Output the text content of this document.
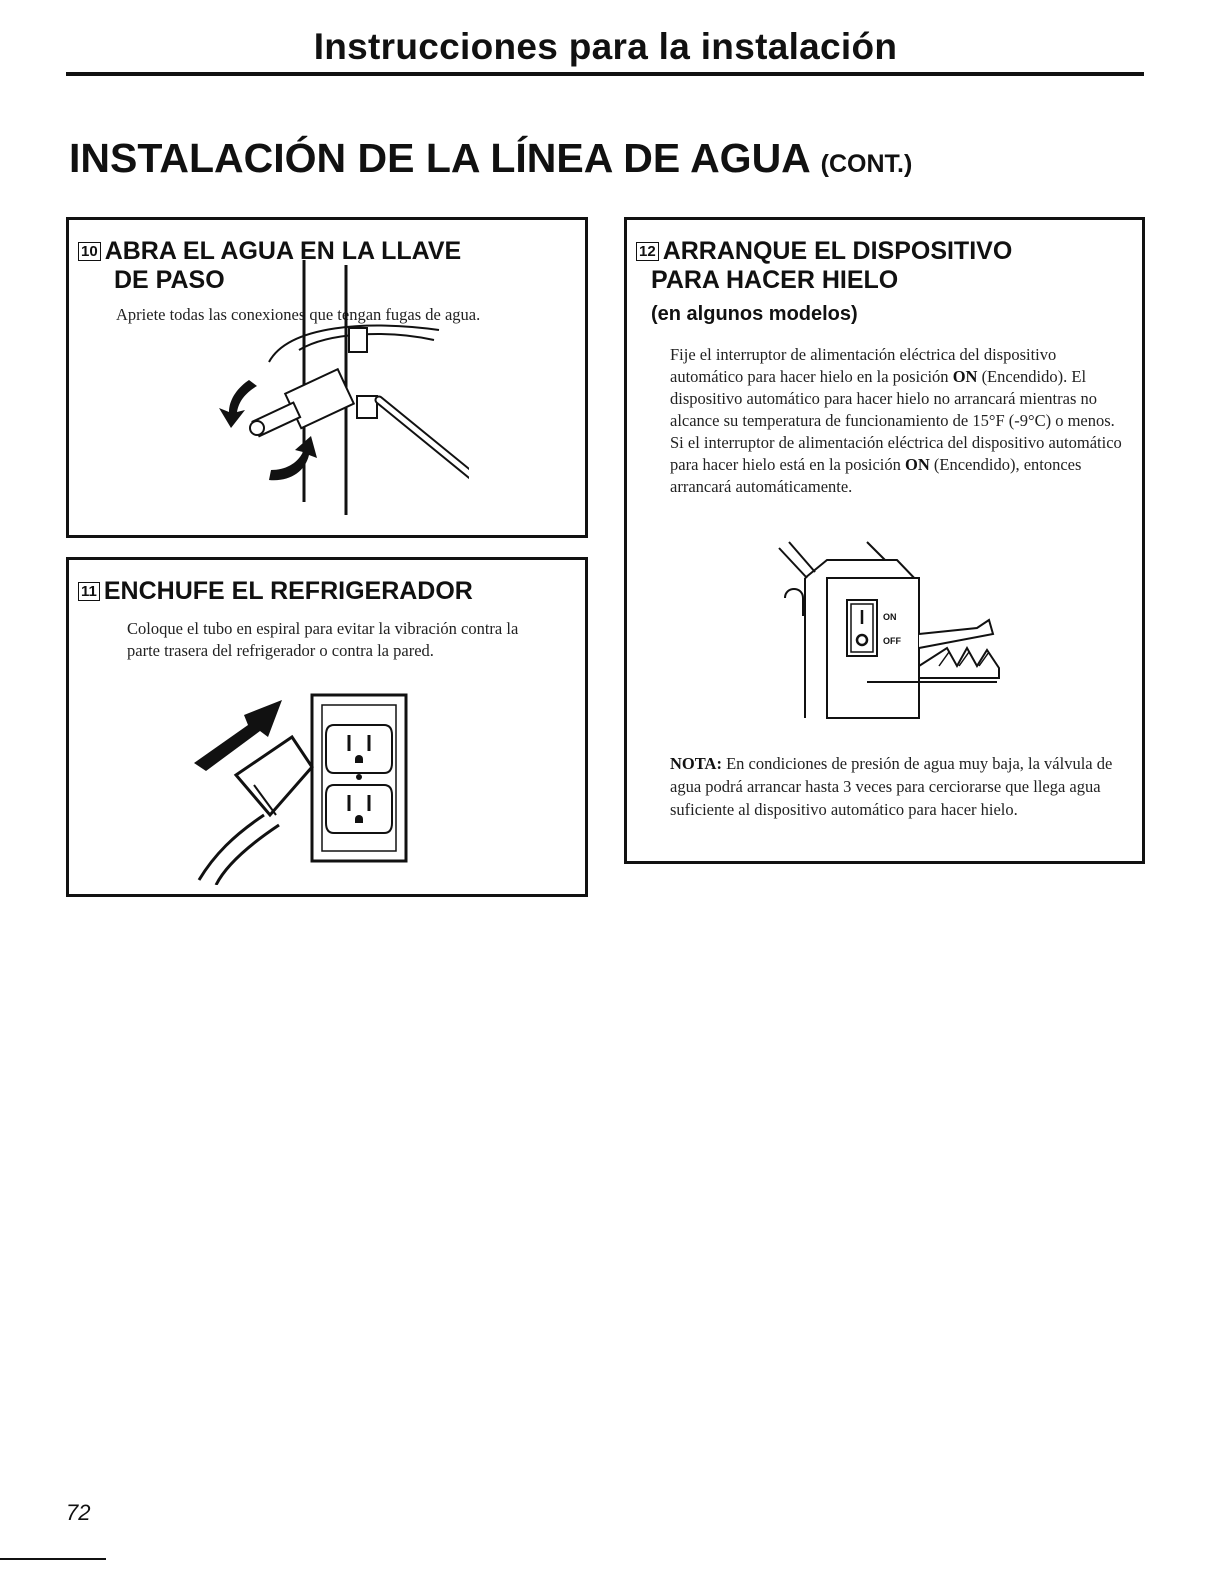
Instrucciones para la instalación
INSTALACIÓN DE LA LÍNEA DE AGUA (CONT.)
10 ABRA EL AGUA EN LA LLAVE
DE PASO

Apriete todas las conexiones que tengan fugas de agua.

11 ENCHUFE EL REFRIGERADOR

Coloque el tubo en espiral para evitar la vibración contra la parte trasera del refrigerador o contra la pared.

12 ARRANQUE EL DISPOSITIVO
PARA HACER HIELO

(en algunos modelos)

Fije el interruptor de alimentación eléctrica del dispositivo automático para hacer hielo en la posición ON (Encendido). El dispositivo automático para hacer hielo no arrancará mientras no alcance su temperatura de funcionamiento de 15°F (-9°C) o menos. Si el interruptor de alimentación eléctrica del dispositivo automático para hacer hielo está en la posición ON (Encendido), entonces arrancará automáticamente.

ON
OFF

NOTA: En condiciones de presión de agua muy baja, la válvula de agua podrá arrancar hasta 3 veces para cerciorarse que llega agua suficiente al dispositivo automático para hacer hielo.

72
